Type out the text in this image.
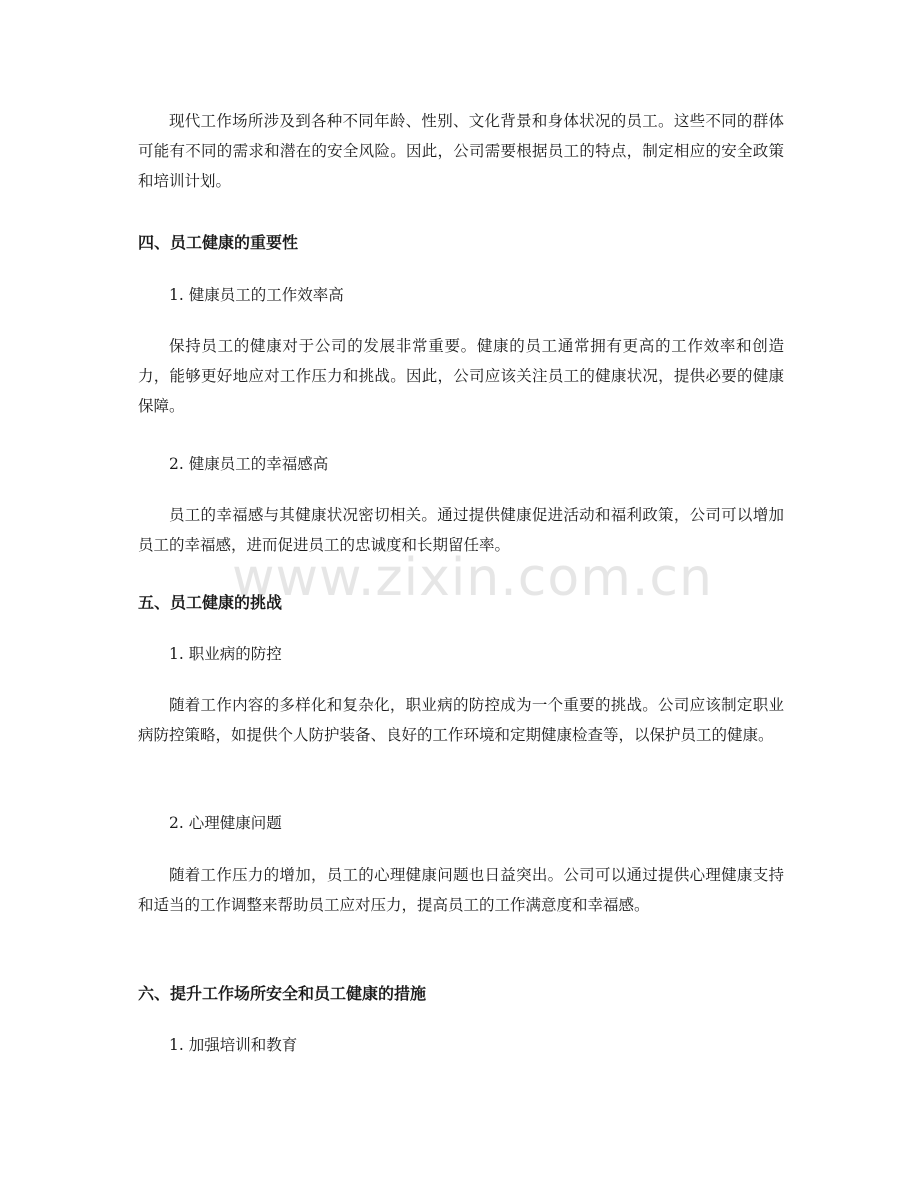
现代工作场所涉及到各种不同年龄、性别、文化背景和身体状况的员工。这些不同的群体可能有不同的需求和潜在的安全风险。因此，公司需要根据员工的特点，制定相应的安全政策和培训计划。

四、员工健康的重要性

1. 健康员工的工作效率高

保持员工的健康对于公司的发展非常重要。健康的员工通常拥有更高的工作效率和创造力，能够更好地应对工作压力和挑战。因此，公司应该关注员工的健康状况，提供必要的健康保障。

2. 健康员工的幸福感高

员工的幸福感与其健康状况密切相关。通过提供健康促进活动和福利政策，公司可以增加员工的幸福感，进而促进员工的忠诚度和长期留任率。

五、员工健康的挑战

1. 职业病的防控

随着工作内容的多样化和复杂化，职业病的防控成为一个重要的挑战。公司应该制定职业病防控策略，如提供个人防护装备、良好的工作环境和定期健康检查等，以保护员工的健康。

2. 心理健康问题

随着工作压力的增加，员工的心理健康问题也日益突出。公司可以通过提供心理健康支持和适当的工作调整来帮助员工应对压力，提高员工的工作满意度和幸福感。

六、提升工作场所安全和员工健康的措施

1. 加强培训和教育

www.zixin.com.cn
